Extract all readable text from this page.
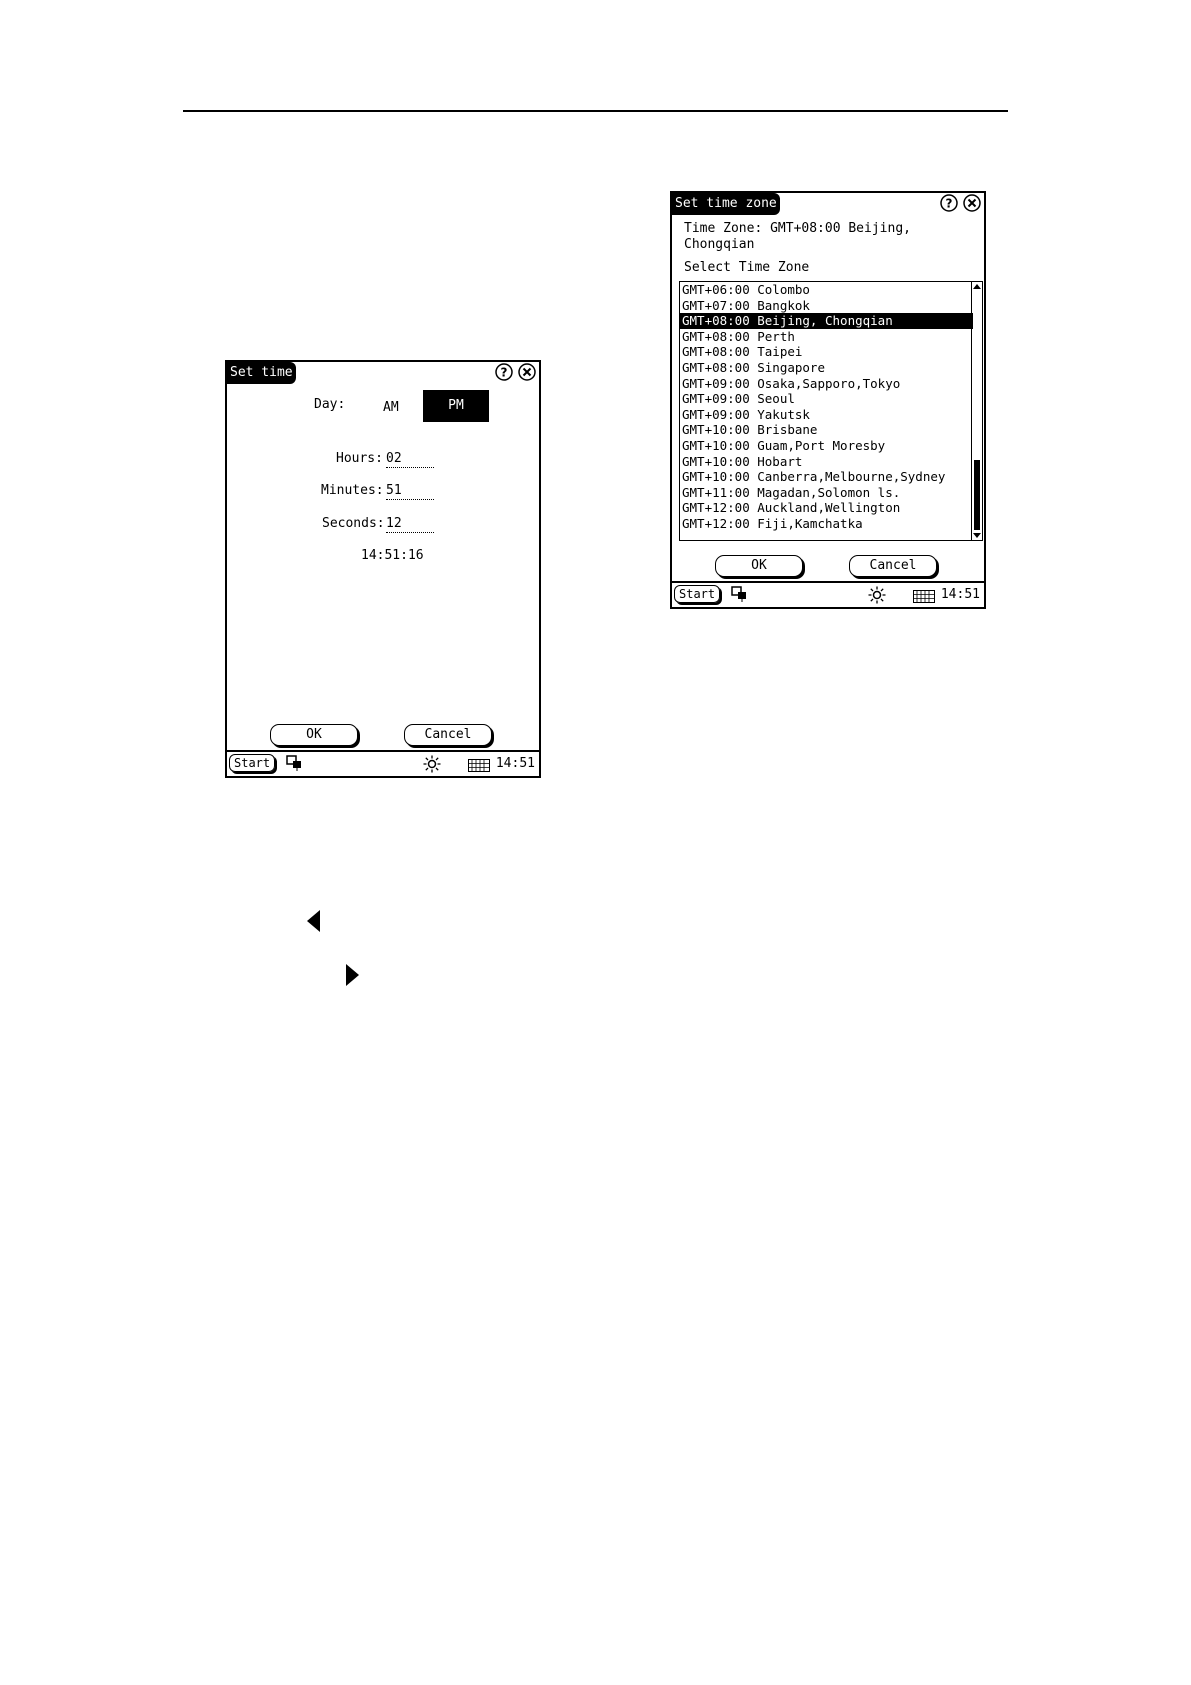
Set time	?
Day:	AM	PM
Hours: 02
Minutes: 51
Seconds: 12
14:51:16
OK	Cancel
Start	14:51
Set time zone	?
Time Zone: GMT+08:00 Beijing,
Chongqian
Select Time Zone
GMT+06:00 Colombo
GMT+07:00 Bangkok
GMT+08:00 Beijing, Chongqian
GMT+08:00 Perth
GMT+08:00 Taipei
GMT+08:00 Singapore
GMT+09:00 Osaka,Sapporo,Tokyo
GMT+09:00 Seoul
GMT+09:00 Yakutsk
GMT+10:00 Brisbane
GMT+10:00 Guam,Port Moresby
GMT+10:00 Hobart
GMT+10:00 Canberra,Melbourne,Sydney
GMT+11:00 Magadan,Solomon ls.
GMT+12:00 Auckland,Wellington
GMT+12:00 Fiji,Kamchatka
OK	Cancel
Start	14:51
